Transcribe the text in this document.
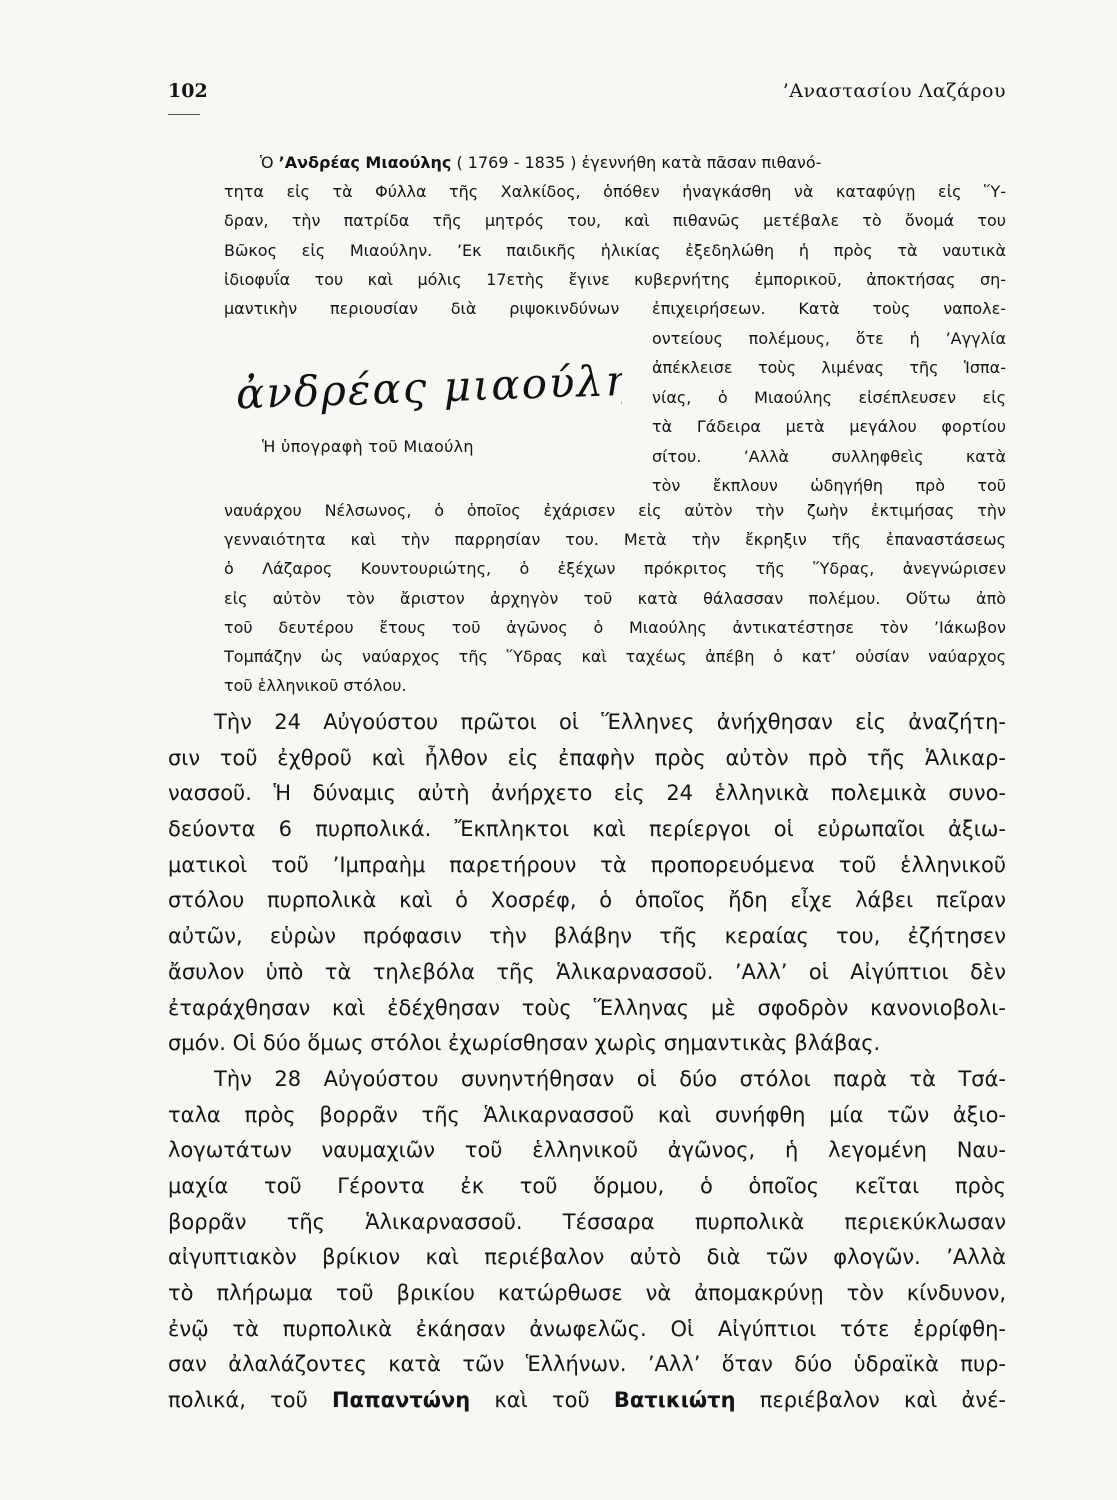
102	’Αναστασίου Λαζάρου
Ὁ ’Ανδρέας Μιαούλης ( 1769 - 1835 ) ἐγεννήθη κατὰ πᾶσαν πιθανό-
τητα εἰς τὰ Φύλλα τῆς Χαλκίδος, ὁπόθεν ἠναγκάσθη νὰ καταφύγῃ εἰς Ὕ-
δραν, τὴν πατρίδα τῆς μητρός του, καὶ πιθανῶς μετέβαλε τὸ ὄνομά του
Βῶκος εἰς Μιαούλην. ’Εκ παιδικῆς ἡλικίας ἐξεδηλώθη ἡ πρὸς τὰ ναυτικὰ
ἰδιοφυΐα του καὶ μόλις 17ετὴς ἔγινε κυβερνήτης ἐμπορικοῦ, ἀποκτήσας ση-
μαντικὴν περιουσίαν διὰ ριψοκινδύνων ἐπιχειρήσεων. Κατὰ τοὺς ναπολε-
ἀνδρέας μιαούλης
Ἡ ὑπογραφὴ τοῦ Μιαούλη
οντείους πολέμους, ὅτε ἡ ’Αγγλία
ἀπέκλεισε τοὺς λιμένας τῆς Ἱσπα-
νίας, ὁ Μιαούλης εἰσέπλευσεν εἰς
τὰ Γάδειρα μετὰ μεγάλου φορτίου
σίτου. ’Αλλὰ συλληφθεὶς κατὰ
τὸν ἔκπλουν ὡδηγήθη πρὸ τοῦ
ναυάρχου Νέλσωνος, ὁ ὁποῖος ἐχάρισεν εἰς αὐτὸν τὴν ζωὴν ἐκτιμήσας τὴν
γενναιότητα καὶ τὴν παρρησίαν του. Μετὰ τὴν ἔκρηξιν τῆς ἐπαναστάσεως
ὁ Λάζαρος Κουντουριώτης, ὁ ἐξέχων πρόκριτος τῆς Ὕδρας, ἀνεγνώρισεν
εἰς αὐτὸν τὸν ἄριστον ἀρχηγὸν τοῦ κατὰ θάλασσαν πολέμου. Οὕτω ἀπὸ
τοῦ δευτέρου ἔτους τοῦ ἀγῶνος ὁ Μιαούλης ἀντικατέστησε τὸν ’Ιάκωβον
Τομπάζην ὡς ναύαρχος τῆς Ὕδρας καὶ ταχέως ἀπέβη ὁ κατ’ οὐσίαν ναύαρχος
τοῦ ἑλληνικοῦ στόλου.
Τὴν 24 Αὐγούστου πρῶτοι οἱ Ἕλληνες ἀνήχθησαν εἰς ἀναζήτη-
σιν τοῦ ἐχθροῦ καὶ ἦλθον εἰς ἐπαφὴν πρὸς αὐτὸν πρὸ τῆς Ἁλικαρ-
νασσοῦ. Ἡ δύναμις αὐτὴ ἀνήρχετο εἰς 24 ἑλληνικὰ πολεμικὰ συνο-
δεύοντα 6 πυρπολικά. Ἔκπληκτοι καὶ περίεργοι οἱ εὐρωπαῖοι ἀξιω-
ματικοὶ τοῦ ’Ιμπραὴμ παρετήρουν τὰ προπορευόμενα τοῦ ἑλληνικοῦ
στόλου πυρπολικὰ καὶ ὁ Χοσρέφ, ὁ ὁποῖος ἤδη εἶχε λάβει πεῖραν
αὐτῶν, εὑρὼν πρόφασιν τὴν βλάβην τῆς κεραίας του, ἐζήτησεν
ἄσυλον ὑπὸ τὰ τηλεβόλα τῆς Ἁλικαρνασσοῦ. ’Αλλ’ οἱ Αἰγύπτιοι δὲν
ἐταράχθησαν καὶ ἐδέχθησαν τοὺς Ἕλληνας μὲ σφοδρὸν κανονιοβολι-
σμόν. Οἱ δύο ὅμως στόλοι ἐχωρίσθησαν χωρὶς σημαντικὰς βλάβας.
Τὴν 28 Αὐγούστου συνηντήθησαν οἱ δύο στόλοι παρὰ τὰ Τσά-
ταλα πρὸς βορρᾶν τῆς Ἁλικαρνασσοῦ καὶ συνήφθη μία τῶν ἀξιο-
λογωτάτων ναυμαχιῶν τοῦ ἑλληνικοῦ ἀγῶνος, ἡ λεγομένη Ναυ-
μαχία τοῦ Γέροντα ἐκ τοῦ ὅρμου, ὁ ὁποῖος κεῖται πρὸς
βορρᾶν τῆς Ἁλικαρνασσοῦ. Τέσσαρα πυρπολικὰ περιεκύκλωσαν
αἰγυπτιακὸν βρίκιον καὶ περιέβαλον αὐτὸ διὰ τῶν φλογῶν. ’Αλλὰ
τὸ πλήρωμα τοῦ βρικίου κατώρθωσε νὰ ἀπομακρύνῃ τὸν κίνδυνον,
ἐνῷ τὰ πυρπολικὰ ἐκάησαν ἀνωφελῶς. Οἱ Αἰγύπτιοι τότε ἐρρίφθη-
σαν ἀλαλάζοντες κατὰ τῶν Ἑλλήνων. ’Αλλ’ ὅταν δύο ὑδραϊκὰ πυρ-
πολικά, τοῦ Παπαντώνη καὶ τοῦ Βατικιώτη περιέβαλον καὶ ἀνέ-
